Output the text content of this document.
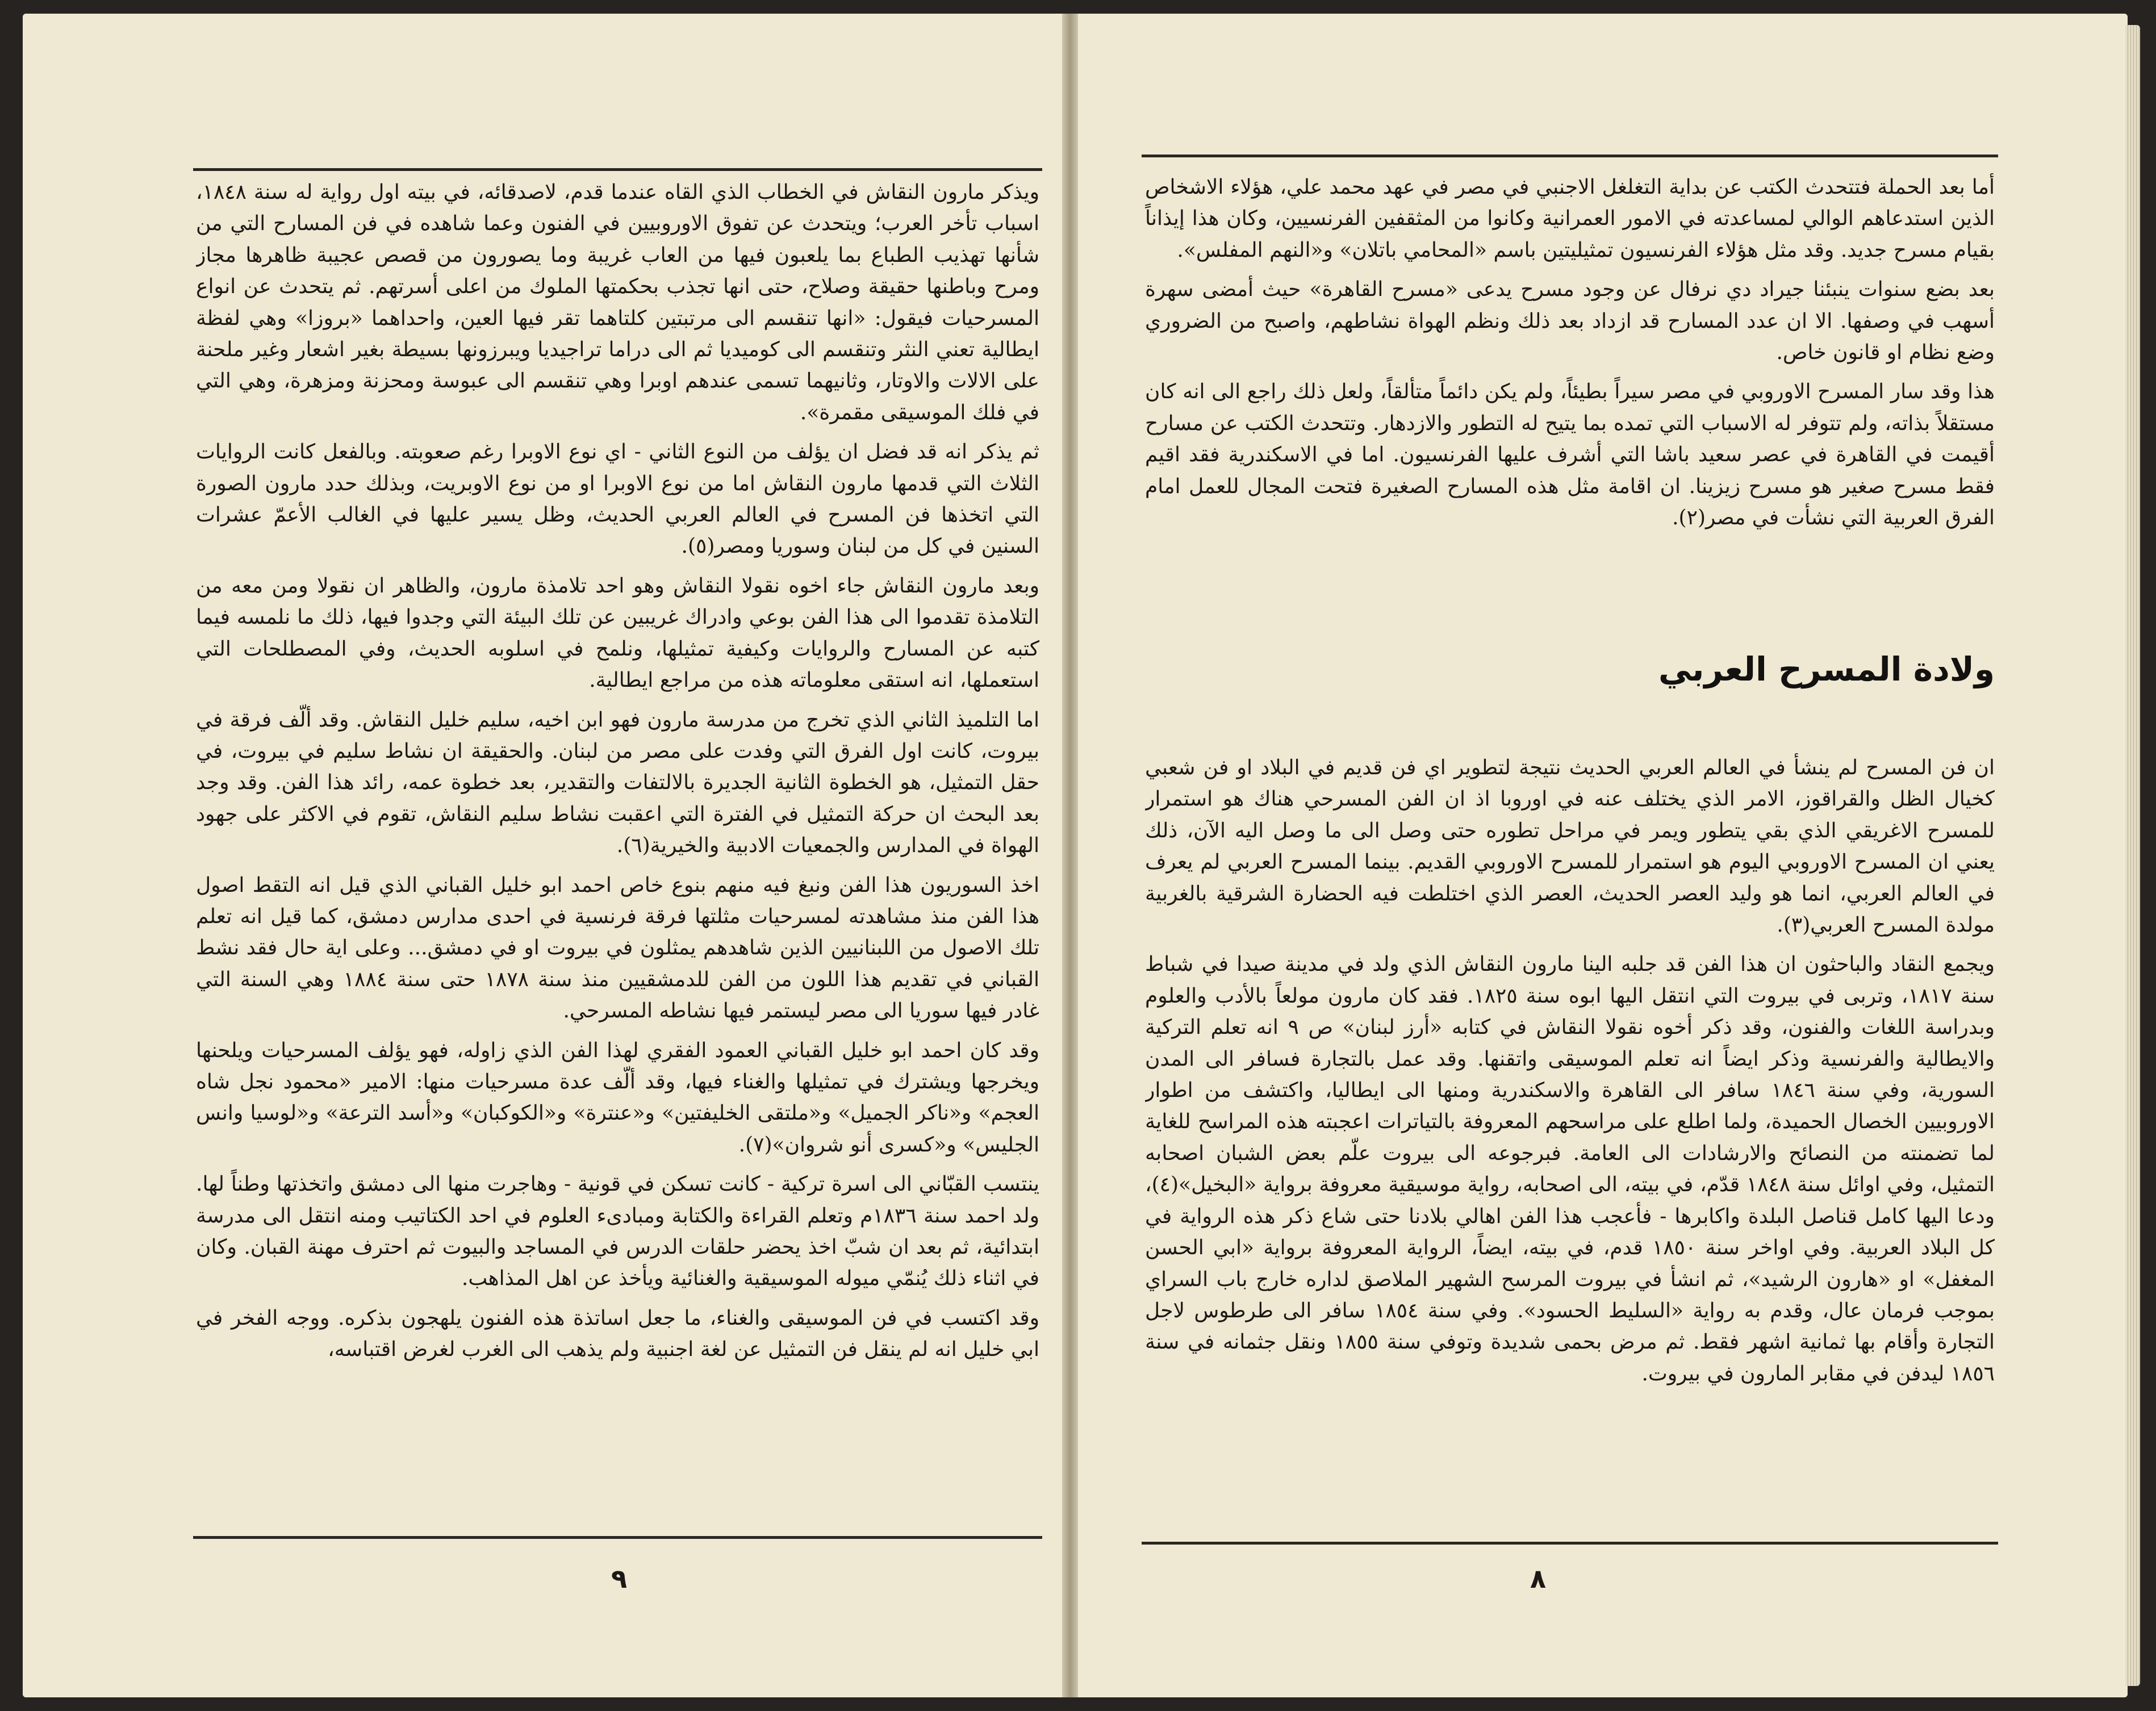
ويذكر مارون النقاش في الخطاب الذي القاه عندما قدم، لاصدقائه، في بيته اول رواية له سنة ١٨٤٨، اسباب تأخر العرب؛ ويتحدث عن تفوق الاوروبيين في الفنون وعما شاهده في فن المسارح التي من شأنها تهذيب الطباع بما يلعبون فيها من العاب غريبة وما يصورون من قصص عجيبة ظاهرها مجاز ومرح وباطنها حقيقة وصلاح، حتى انها تجذب بحكمتها الملوك من اعلى أسرتهم. ثم يتحدث عن انواع المسرحيات فيقول: «انها تنقسم الى مرتبتين كلتاهما تقر فيها العين، واحداهما «بروزا» وهي لفظة ايطالية تعني النثر وتنقسم الى كوميديا ثم الى دراما تراجيديا ويبرزونها بسيطة بغير اشعار وغير ملحنة على الالات والاوتار، وثانيهما تسمى عندهم اوبرا وهي تنقسم الى عبوسة ومحزنة ومزهرة، وهي التي في فلك الموسيقى مقمرة».

ثم يذكر انه قد فضل ان يؤلف من النوع الثاني - اي نوع الاوبرا رغم صعوبته. وبالفعل كانت الروايات الثلاث التي قدمها مارون النقاش اما من نوع الاوبرا او من نوع الاوبريت، وبذلك حدد مارون الصورة التي اتخذها فن المسرح في العالم العربي الحديث، وظل يسير عليها في الغالب الأعمّ عشرات السنين في كل من لبنان وسوريا ومصر(٥).

وبعد مارون النقاش جاء اخوه نقولا النقاش وهو احد تلامذة مارون، والظاهر ان نقولا ومن معه من التلامذة تقدموا الى هذا الفن بوعي وادراك غريبين عن تلك البيئة التي وجدوا فيها، ذلك ما نلمسه فيما كتبه عن المسارح والروايات وكيفية تمثيلها، ونلمح في اسلوبه الحديث، وفي المصطلحات التي استعملها، انه استقى معلوماته هذه من مراجع ايطالية.

اما التلميذ الثاني الذي تخرج من مدرسة مارون فهو ابن اخيه، سليم خليل النقاش. وقد ألّف فرقة في بيروت، كانت اول الفرق التي وفدت على مصر من لبنان. والحقيقة ان نشاط سليم في بيروت، في حقل التمثيل، هو الخطوة الثانية الجديرة بالالتفات والتقدير، بعد خطوة عمه، رائد هذا الفن. وقد وجد بعد البحث ان حركة التمثيل في الفترة التي اعقبت نشاط سليم النقاش، تقوم في الاكثر على جهود الهواة في المدارس والجمعيات الادبية والخيرية(٦).

اخذ السوريون هذا الفن ونبغ فيه منهم بنوع خاص احمد ابو خليل القباني الذي قيل انه التقط اصول هذا الفن منذ مشاهدته لمسرحيات مثلتها فرقة فرنسية في احدى مدارس دمشق، كما قيل انه تعلم تلك الاصول من اللبنانيين الذين شاهدهم يمثلون في بيروت او في دمشق... وعلى اية حال فقد نشط القباني في تقديم هذا اللون من الفن للدمشقيين منذ سنة ١٨٧٨ حتى سنة ١٨٨٤ وهي السنة التي غادر فيها سوريا الى مصر ليستمر فيها نشاطه المسرحي.

وقد كان احمد ابو خليل القباني العمود الفقري لهذا الفن الذي زاوله، فهو يؤلف المسرحيات ويلحنها ويخرجها ويشترك في تمثيلها والغناء فيها، وقد ألّف عدة مسرحيات منها: الامير «محمود نجل شاه العجم» و«ناكر الجميل» و«ملتقى الخليفتين» و«عنترة» و«الكوكبان» و«أسد الترعة» و«لوسيا وانس الجليس» و«كسرى أنو شروان»(٧).

ينتسب القبّاني الى اسرة تركية - كانت تسكن في قونية - وهاجرت منها الى دمشق واتخذتها وطناً لها. ولد احمد سنة ١٨٣٦م وتعلم القراءة والكتابة ومبادىء العلوم في احد الكتاتيب ومنه انتقل الى مدرسة ابتدائية، ثم بعد ان شبّ اخذ يحضر حلقات الدرس في المساجد والبيوت ثم احترف مهنة القبان. وكان في اثناء ذلك يُنمّي ميوله الموسيقية والغنائية ويأخذ عن اهل المذاهب.

وقد اكتسب في فن الموسيقى والغناء، ما جعل اساتذة هذه الفنون يلهجون بذكره. ووجه الفخر في ابي خليل انه لم ينقل فن التمثيل عن لغة اجنبية ولم يذهب الى الغرب لغرض اقتباسه،

٩

أما بعد الحملة فتتحدث الكتب عن بداية التغلغل الاجنبي في مصر في عهد محمد علي، هؤلاء الاشخاص الذين استدعاهم الوالي لمساعدته في الامور العمرانية وكانوا من المثقفين الفرنسيين، وكان هذا إيذاناً بقيام مسرح جديد. وقد مثل هؤلاء الفرنسيون تمثيليتين باسم «المحامي باتلان» و«النهم المفلس».

بعد بضع سنوات ينبئنا جيراد دي نرفال عن وجود مسرح يدعى «مسرح القاهرة» حيث أمضى سهرة أسهب في وصفها. الا ان عدد المسارح قد ازداد بعد ذلك ونظم الهواة نشاطهم، واصبح من الضروري وضع نظام او قانون خاص.

هذا وقد سار المسرح الاوروبي في مصر سيراً بطيئاً، ولم يكن دائماً متألقاً، ولعل ذلك راجع الى انه كان مستقلاً بذاته، ولم تتوفر له الاسباب التي تمده بما يتيح له التطور والازدهار. وتتحدث الكتب عن مسارح أقيمت في القاهرة في عصر سعيد باشا التي أشرف عليها الفرنسيون. اما في الاسكندرية فقد اقيم فقط مسرح صغير هو مسرح زيزينا. ان اقامة مثل هذه المسارح الصغيرة فتحت المجال للعمل امام الفرق العربية التي نشأت في مصر(٢).

ولادة المسرح العربي

ان فن المسرح لم ينشأ في العالم العربي الحديث نتيجة لتطوير اي فن قديم في البلاد او فن شعبي كخيال الظل والقراقوز، الامر الذي يختلف عنه في اوروبا اذ ان الفن المسرحي هناك هو استمرار للمسرح الاغريقي الذي بقي يتطور ويمر في مراحل تطوره حتى وصل الى ما وصل اليه الآن، ذلك يعني ان المسرح الاوروبي اليوم هو استمرار للمسرح الاوروبي القديم. بينما المسرح العربي لم يعرف في العالم العربي، انما هو وليد العصر الحديث، العصر الذي اختلطت فيه الحضارة الشرقية بالغربية مولدة المسرح العربي(٣).

ويجمع النقاد والباحثون ان هذا الفن قد جلبه الينا مارون النقاش الذي ولد في مدينة صيدا في شباط سنة ١٨١٧، وتربى في بيروت التي انتقل اليها ابوه سنة ١٨٢٥. فقد كان مارون مولعاً بالأدب والعلوم وبدراسة اللغات والفنون، وقد ذكر أخوه نقولا النقاش في كتابه «أرز لبنان» ص ٩ انه تعلم التركية والايطالية والفرنسية وذكر ايضاً انه تعلم الموسيقى واتقنها. وقد عمل بالتجارة فسافر الى المدن السورية، وفي سنة ١٨٤٦ سافر الى القاهرة والاسكندرية ومنها الى ايطاليا، واكتشف من اطوار الاوروبيين الخصال الحميدة، ولما اطلع على مراسحهم المعروفة بالتياترات اعجبته هذه المراسح للغاية لما تضمنته من النصائح والارشادات الى العامة. فبرجوعه الى بيروت علّم بعض الشبان اصحابه التمثيل، وفي اوائل سنة ١٨٤٨ قدّم، في بيته، الى اصحابه، رواية موسيقية معروفة برواية «البخيل»(٤)، ودعا اليها كامل قناصل البلدة واكابرها - فأعجب هذا الفن اهالي بلادنا حتى شاع ذكر هذه الرواية في كل البلاد العربية. وفي اواخر سنة ١٨٥٠ قدم، في بيته، ايضاً، الرواية المعروفة برواية «ابي الحسن المغفل» او «هارون الرشيد»، ثم انشأ في بيروت المرسح الشهير الملاصق لداره خارج باب السراي بموجب فرمان عال، وقدم به رواية «السليط الحسود». وفي سنة ١٨٥٤ سافر الى طرطوس لاجل التجارة وأقام بها ثمانية اشهر فقط. ثم مرض بحمى شديدة وتوفي سنة ١٨٥٥ ونقل جثمانه في سنة ١٨٥٦ ليدفن في مقابر المارون في بيروت.

٨
